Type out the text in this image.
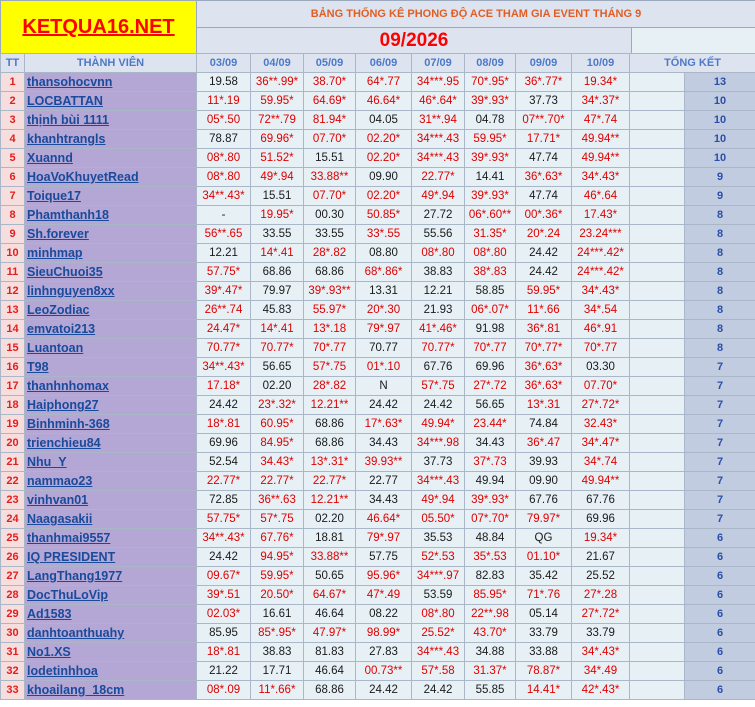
KETQUA16.NET	BẢNG THỐNG KÊ PHONG ĐỘ ACE THAM GIA EVENT THÁNG 9	
	09/2026	
TT	THÀNH VIÊN	03/09	04/09	05/09	06/09	07/09	08/09	09/09	10/09	TỔNG KẾT	
1	thansohocvnn	19.58	36**.99*	38.70*	64*.77	34***.95	70*.95*	36*.77*	19.34*		13
2	LOCBATTAN	11*.19	59.95*	64.69*	46.64*	46*.64*	39*.93*	37.73	34*.37*		10
3	thịnh bùi 1111	05*.50	72**.79	81.94*	04.05	31**.94	04.78	07**.70*	47*.74		10
4	khanhtrangls	78.87	69.96*	07.70*	02.20*	34***.43	59.95*	17.71*	49.94**		10
5	Xuannd	08*.80	51.52*	15.51	02.20*	34***.43	39*.93*	47.74	49.94**		10
6	HoaVoKhuyetRead	08*.80	49*.94	33.88**	09.90	22.77*	14.41	36*.63*	34*.43*		9
7	Toique17	34**.43*	15.51	07.70*	02.20*	49*.94	39*.93*	47.74	46*.64		9
8	Phamthanh18	-	19.95*	00.30	50.85*	27.72	06*.60**	00*.36*	17.43*		8
9	Sh.forever	56**.65	33.55	33.55	33*.55	55.56	31.35*	20*.24	23.24***		8
10	minhmap	12.21	14*.41	28*.82	08.80	08*.80	08*.80	24.42	24***.42*		8
11	SieuChuoi35	57.75*	68.86	68.86	68*.86*	38.83	38*.83	24.42	24***.42*		8
12	linhnguyen8xx	39*.47*	79.97	39*.93**	13.31	12.21	58.85	59.95*	34*.43*		8
13	LeoZodiac	26**.74	45.83	55.97*	20*.30	21.93	06*.07*	11*.66	34*.54		8
14	emvatoi213	24.47*	14*.41	13*.18	79*.97	41*.46*	91.98	36*.81	46*.91		8
15	Luantoan	70.77*	70.77*	70*.77	70.77	70.77*	70*.77	70*.77*	70*.77		8
16	T98	34**.43*	56.65	57*.75	01*.10	67.76	69.96	36*.63*	03.30		7
17	thanhnhomax	17.18*	02.20	28*.82	N	57*.75	27*.72	36*.63*	07.70*		7
18	Haiphong27	24.42	23*.32*	12.21**	24.42	24.42	56.65	13*.31	27*.72*		7
19	Binhminh-368	18*.81	60.95*	68.86	17*.63*	49.94*	23.44*	74.84	32.43*		7
20	trienchieu84	69.96	84.95*	68.86	34.43	34***.98	34.43	36*.47	34*.47*		7
21	Nhu_Y	52.54	34.43*	13*.31*	39.93**	37.73	37*.73	39.93	34*.74		7
22	nammao23	22.77*	22.77*	22.77*	22.77	34***.43	49.94	09.90	49.94**		7
23	vinhvan01	72.85	36**.63	12.21**	34.43	49*.94	39*.93*	67.76	67.76		7
24	Naagasakii	57.75*	57*.75	02.20	46.64*	05.50*	07*.70*	79.97*	69.96		7
25	thanhmai9557	34**.43*	67.76*	18.81	79*.97	35.53	48.84	QG	19.34*		6
26	IQ PRESIDENT	24.42	94.95*	33.88**	57.75	52*.53	35*.53	01.10*	21.67		6
27	LangThang1977	09.67*	59.95*	50.65	95.96*	34***.97	82.83	35.42	25.52		6
28	DocThuLoVip	39*.51	20.50*	64.67*	47*.49	53.59	85.95*	71*.76	27*.28		6
29	Ad1583	02.03*	16.61	46.64	08.22	08*.80	22**.98	05.14	27*.72*		6
30	danhtoanthuahy	85.95	85*.95*	47.97*	98.99*	25.52*	43.70*	33.79	33.79		6
31	No1.XS	18*.81	38.83	81.83	27.83	34***.43	34.88	33.88	34*.43*		6
32	lodetinhhoa	21.22	17.71	46.64	00.73**	57*.58	31.37*	78.87*	34*.49		6
33	khoailang_18cm	08*.09	11*.66*	68.86	24.42	24.42	55.85	14.41*	42*.43*		6
